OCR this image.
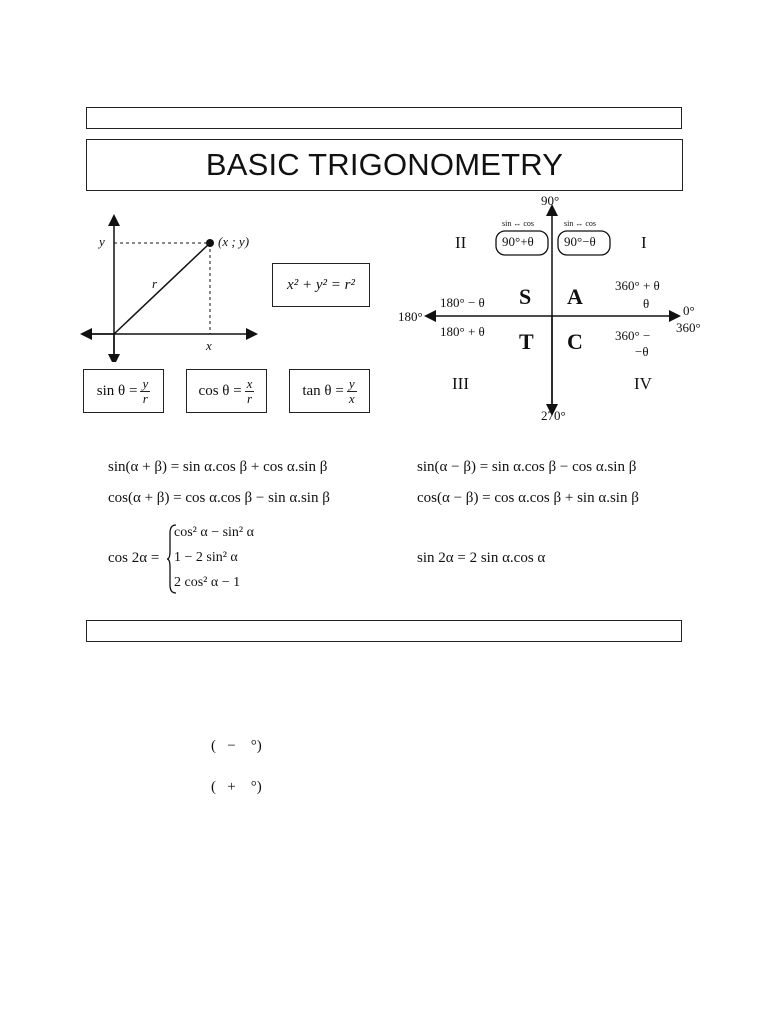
BASIC TRIGONOMETRY
y
x
r
(x ; y)
x² + y² = r²
$\sin \theta = \frac{y}{r}$	$\cos \theta = \frac{x}{r}$	$\tan \theta = \frac{y}{x}$
90°
180°	0°
360°
270°
sin ↔ cos	sin ↔ cos
90°+θ 90°−θ
II	I
III	IV
S A
T C
180° − θ
180° + θ
360° + θ
θ
360° −
−θ
sin(α + β) = sin α.cos β + cos α.sin β	sin(α − β) = sin α.cos β − cos α.sin β
cos(α + β) = cos α.cos β − sin α.sin β	cos(α − β) = cos α.cos β + sin α.sin β
cos 2α =
cos² α − sin² α
1 − 2 sin² α
2 cos² α − 1
sin 2α = 2 sin α.cos α
(   −    °)
(   +    °)
